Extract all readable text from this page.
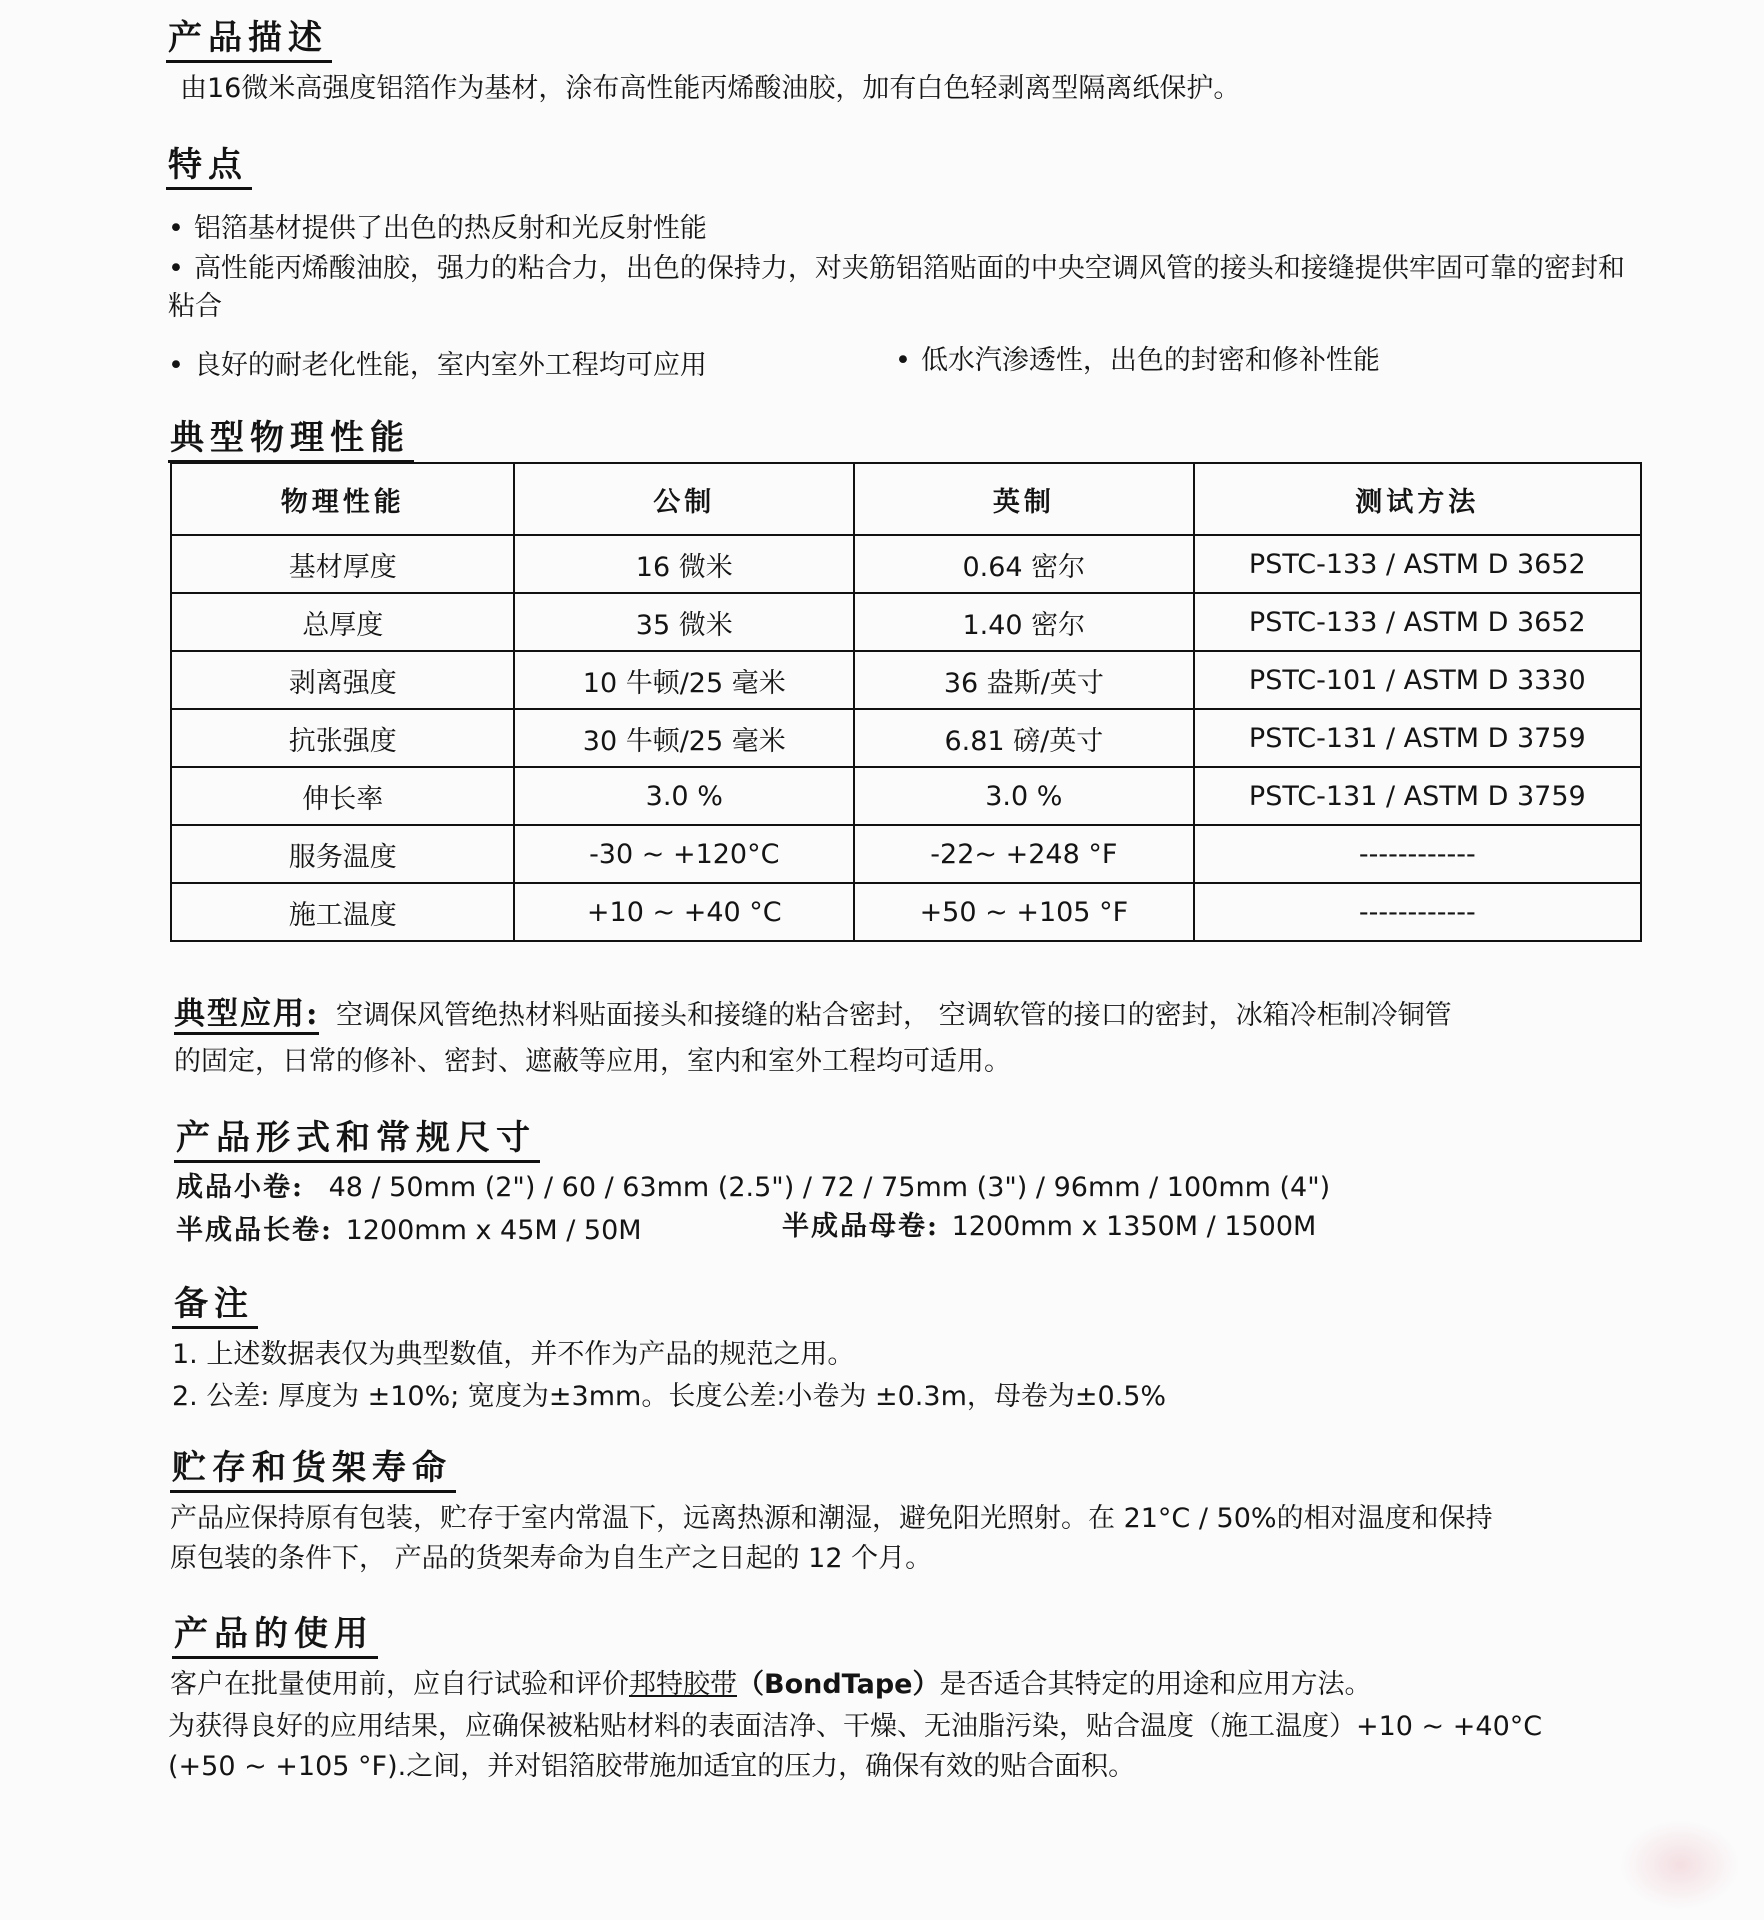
产品描述
由16微米高强度铝箔作为基材，涂布高性能丙烯酸油胶，加有白色轻剥离型隔离纸保护。
特点
• 铝箔基材提供了出色的热反射和光反射性能
• 高性能丙烯酸油胶，强力的粘合力，出色的保持力，对夹筋铝箔贴面的中央空调风管的接头和接缝提供牢固可靠的密封和粘合
• 良好的耐老化性能，室内室外工程均可应用	• 低水汽渗透性，出色的封密和修补性能
典型物理性能
物理性能	公制	英制	测试方法
基材厚度	16 微米	0.64 密尔	PSTC-133 / ASTM D 3652
总厚度	35 微米	1.40 密尔	PSTC-133 / ASTM D 3652
剥离强度	10 牛顿/25 毫米	36 盎斯/英寸	PSTC-101 / ASTM D 3330
抗张强度	30 牛顿/25 毫米	6.81 磅/英寸	PSTC-131 / ASTM D 3759
伸长率	3.0 %	3.0 %	PSTC-131 / ASTM D 3759
服务温度	-30 ~ +120°C	-22~ +248 °F	------------
施工温度	+10 ~ +40 °C	+50 ~ +105 °F	------------
典型应用: 空调保风管绝热材料贴面接头和接缝的粘合密封， 空调软管的接口的密封，冰箱冷柜制冷铜管
的固定，日常的修补、密封、遮蔽等应用，室内和室外工程均可适用。
产品形式和常规尺寸
成品小卷: 48 / 50mm (2") / 60 / 63mm (2.5") / 72 / 75mm (3") / 96mm / 100mm (4")
半成品长卷: 1200mm x 45M / 50M	半成品母卷: 1200mm x 1350M / 1500M
备注
1. 上述数据表仅为典型数值，并不作为产品的规范之用。
2. 公差: 厚度为 ±10%; 宽度为±3mm。长度公差:小卷为 ±0.3m，母卷为±0.5%
贮存和货架寿命
产品应保持原有包装，贮存于室内常温下，远离热源和潮湿，避免阳光照射。在 21°C / 50%的相对温度和保持
原包装的条件下， 产品的货架寿命为自生产之日起的 12 个月。
产品的使用
客户在批量使用前，应自行试验和评价邦特胶带（BondTape）是否适合其特定的用途和应用方法。
为获得良好的应用结果，应确保被粘贴材料的表面洁净、干燥、无油脂污染，贴合温度（施工温度）+10 ~ +40°C
(+50 ~ +105 °F).之间，并对铝箔胶带施加适宜的压力，确保有效的贴合面积。
